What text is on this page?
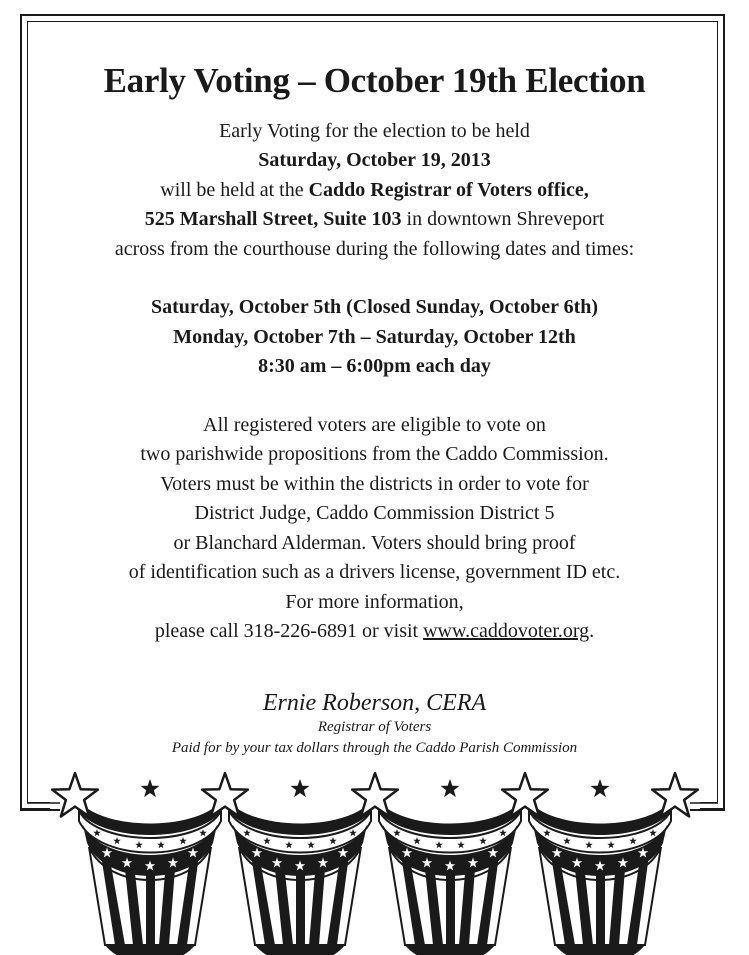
Early Voting – October 19th Election

Early Voting for the election to be held

Saturday, October 19, 2013

will be held at the Caddo Registrar of Voters office,

525 Marshall Street, Suite 103 in downtown Shreveport

across from the courthouse during the following dates and times:

Saturday, October 5th (Closed Sunday, October 6th)

Monday, October 7th – Saturday, October 12th

8:30 am – 6:00pm each day

All registered voters are eligible to vote on

two parishwide propositions from the Caddo Commission.

Voters must be within the districts in order to vote for

District Judge, Caddo Commission District 5

or Blanchard Alderman. Voters should bring proof

of identification such as a drivers license, government ID etc.

For more information,

please call 318-226-6891 or visit www.caddovoter.org.

Ernie Roberson, CERA

Registrar of Voters

Paid for by your tax dollars through the Caddo Parish Commission
